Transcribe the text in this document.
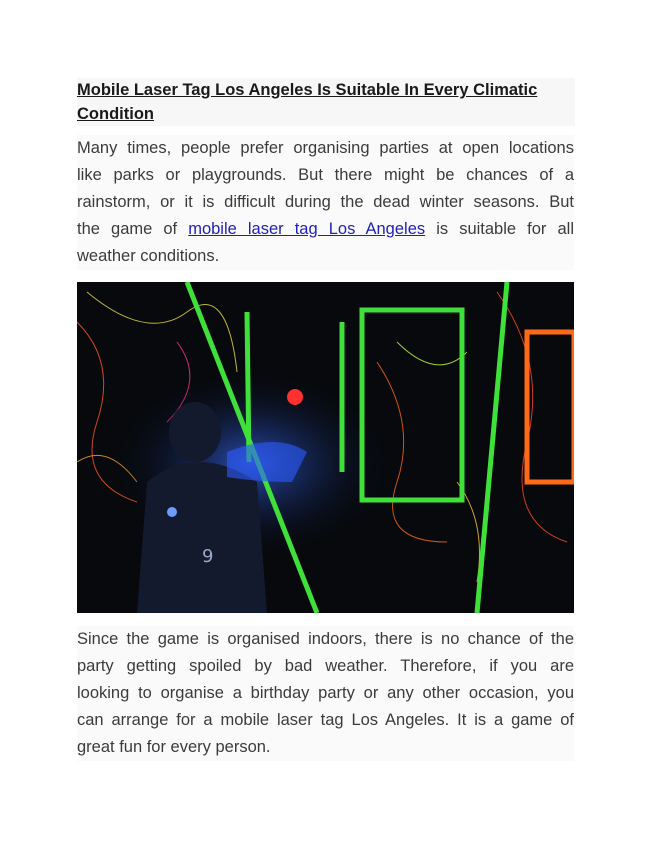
Mobile Laser Tag Los Angeles Is Suitable In Every Climatic
Condition
Many times, people prefer organising parties at open locations
like parks or playgrounds. But there might be chances of a
rainstorm, or it is difficult during the dead winter seasons. But
the game of mobile laser tag Los Angeles is suitable for all
weather conditions.
9
Since the game is organised indoors, there is no chance of the
party getting spoiled by bad weather. Therefore, if you are
looking to organise a birthday party or any other occasion, you
can arrange for a mobile laser tag Los Angeles. It is a game of
great fun for every person.
